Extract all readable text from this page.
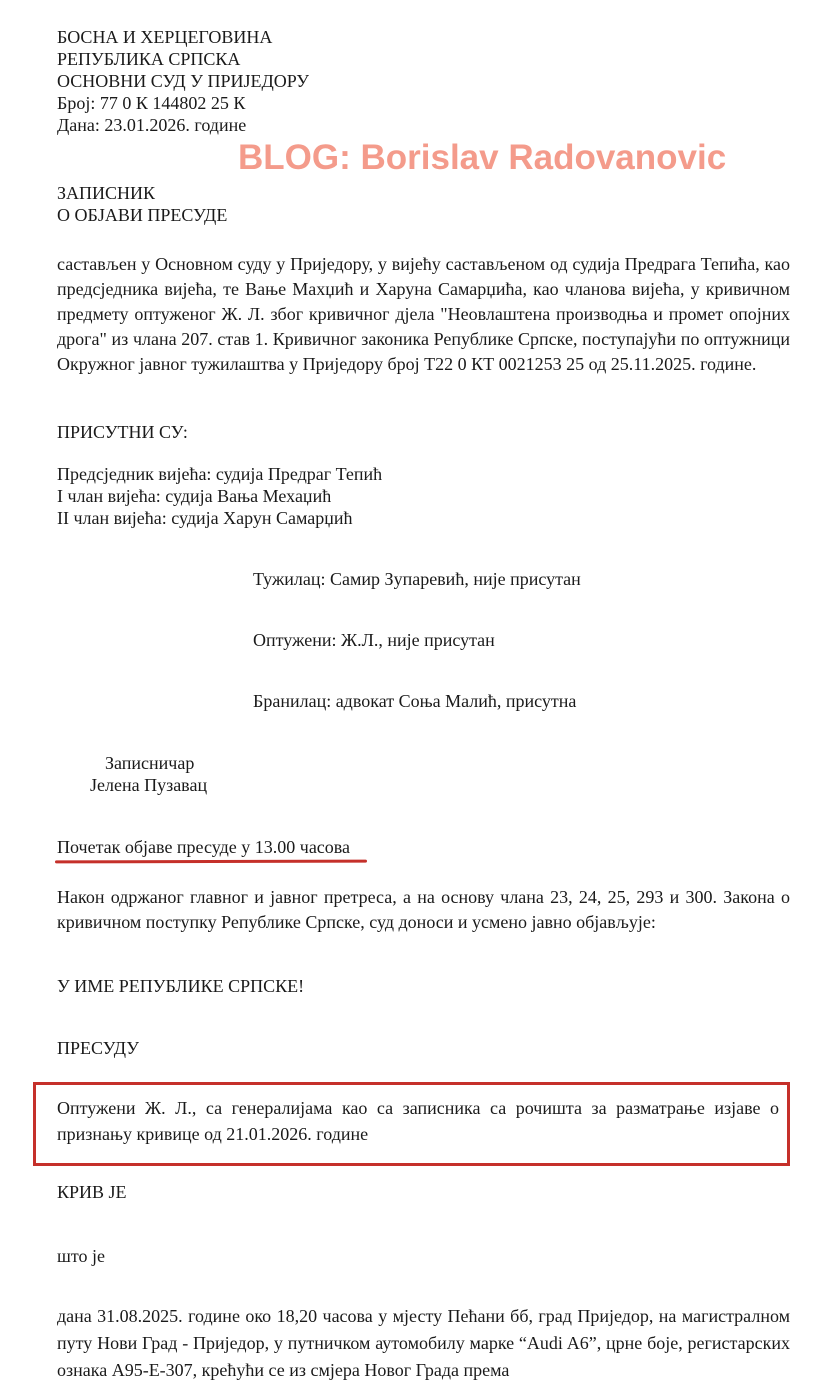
БОСНА И ХЕРЦЕГОВИНА
РЕПУБЛИКА СРПСКА
ОСНОВНИ СУД У ПРИЈЕДОРУ
Број: 77 0 К 144802 25 К
Дана: 23.01.2026. године
BLOG: Borislav Radovanovic
ЗАПИСНИК
О ОБЈАВИ ПРЕСУДЕ
састављен у Основном суду у Приједору, у вијећу састављеном од судија Предрага Тепића, као предсједника вијећа, те Вање Махџић и Харуна Самарџића, као чланова вијећа, у кривичном предмету оптуженог Ж. Л. због кривичног дјела "Неовлаштена производња и промет опојних дрога" из члана 207. став 1. Кривичног законика Републике Српске, поступајући по оптужници Окружног јавног тужилаштва у Приједору број Т22 0 КТ 0021253 25 од 25.11.2025. године.
ПРИСУТНИ СУ:
Предсједник вијећа: судија Предраг Тепић
I члан вијећа: судија Вања Мехаџић
II члан вијећа: судија Харун Самарџић
Тужилац: Самир Зупаревић, није присутан
Оптужени: Ж.Л., није присутан
Бранилац: адвокат Соња Малић, присутна
Записничар
Јелена Пузавац
Почетак објаве пресуде у 13.00 часова
Након одржаног главног и јавног претреса, а на основу члана 23, 24, 25, 293 и 300. Закона о кривичном поступку Републике Српске, суд доноси и усмено јавно објављује:
У ИМЕ РЕПУБЛИКЕ СРПСКЕ!
ПРЕСУДУ
Оптужени Ж. Л., са генералијама као са записника са рочишта за разматрање изјаве о признању кривице од 21.01.2026. године
КРИВ ЈЕ
што је
дана 31.08.2025. године око 18,20 часова у мјесту Пећани бб, град Приједор, на магистралном путу Нови Град - Приједор, у путничком аутомобилу марке “Audi A6”, црне боје, регистарских ознака А95-Е-307, крећући се из смјера Новог Града према
